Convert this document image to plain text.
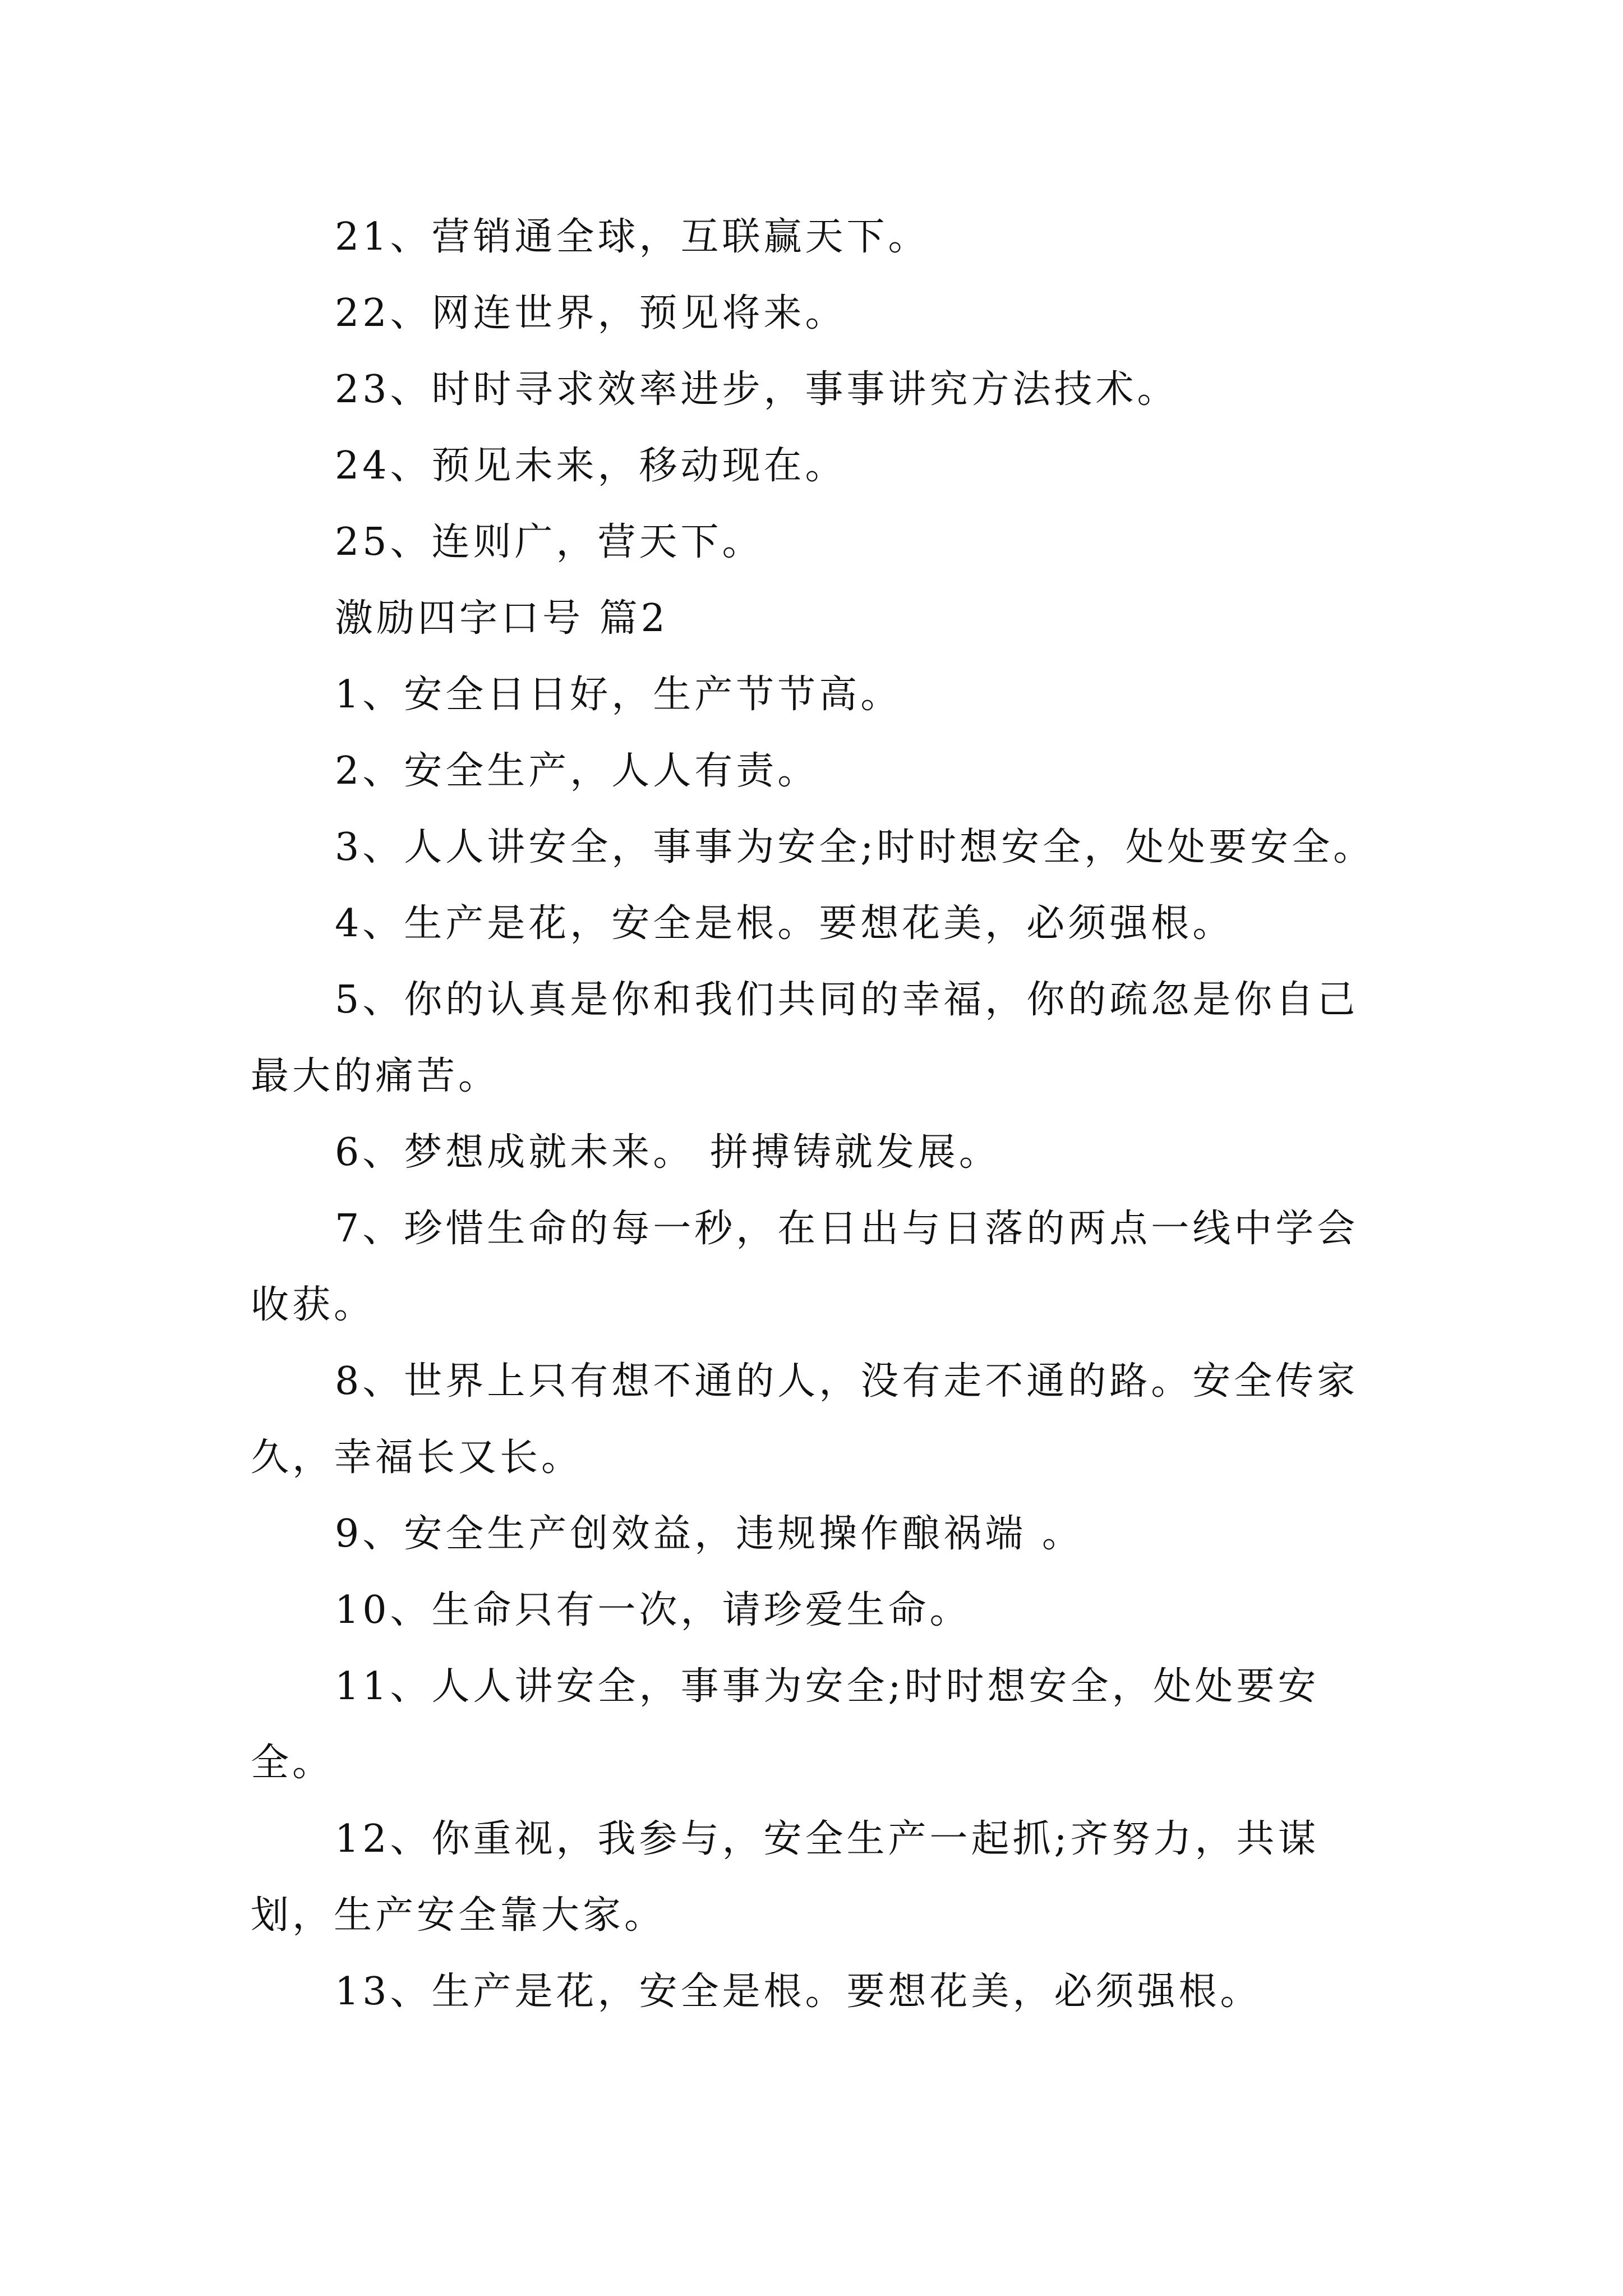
21、营销通全球，互联赢天下。

22、网连世界，预见将来。

23、时时寻求效率进步，事事讲究方法技术。

24、预见未来，移动现在。

25、连则广，营天下。

激励四字口号 篇2

1、安全日日好，生产节节高。

2、安全生产，人人有责。

3、人人讲安全，事事为安全;时时想安全，处处要安全。

4、生产是花，安全是根。要想花美，必须强根。

5、你的认真是你和我们共同的幸福，你的疏忽是你自己最大的痛苦。

6、梦想成就未来。 拼搏铸就发展。

7、珍惜生命的每一秒，在日出与日落的两点一线中学会收获。

8、世界上只有想不通的人，没有走不通的路。安全传家久，幸福长又长。

9、安全生产创效益，违规操作酿祸端 。

10、生命只有一次，请珍爱生命。

11、人人讲安全，事事为安全;时时想安全，处处要安全。

12、你重视，我参与，安全生产一起抓;齐努力，共谋划，生产安全靠大家。

13、生产是花，安全是根。要想花美，必须强根。
